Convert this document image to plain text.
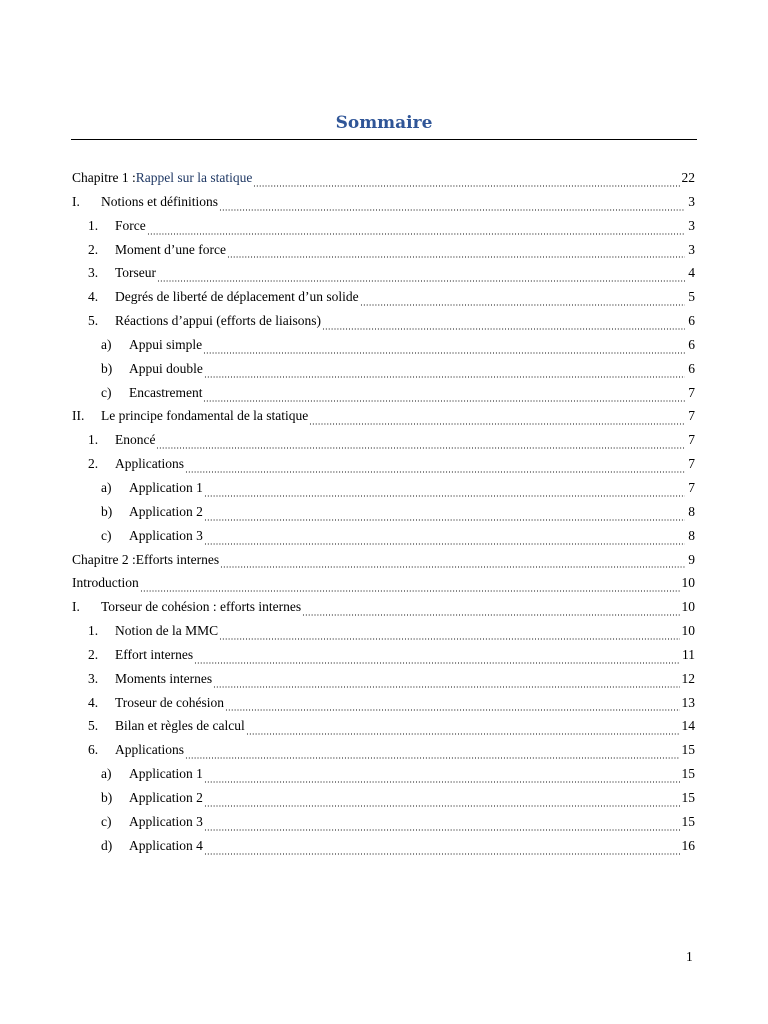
Sommaire
Chapitre 1 : Rappel sur la statique	22
I.	Notions et définitions	3
1.	Force	3
2.	Moment d’une force	3
3.	Torseur	4
4.	Degrés de liberté de déplacement d’un solide	5
5.	Réactions d’appui (efforts de liaisons)	6
a)	Appui simple	6
b)	Appui double	6
c)	Encastrement	7
II.	Le principe fondamental de la statique	7
1.	Enoncé	7
2.	Applications	7
a)	Application 1	7
b)	Application 2	8
c)	Application 3	8
Chapitre 2 : Efforts internes	9
Introduction	10
I.	Torseur de cohésion : efforts internes	10
1.	Notion de la MMC	10
2.	Effort internes	11
3.	Moments internes	12
4.	Troseur de cohésion	13
5.	Bilan et règles de calcul	14
6.	Applications	15
a)	Application 1	15
b)	Application 2	15
c)	Application 3	15
d)	Application 4	16
1
